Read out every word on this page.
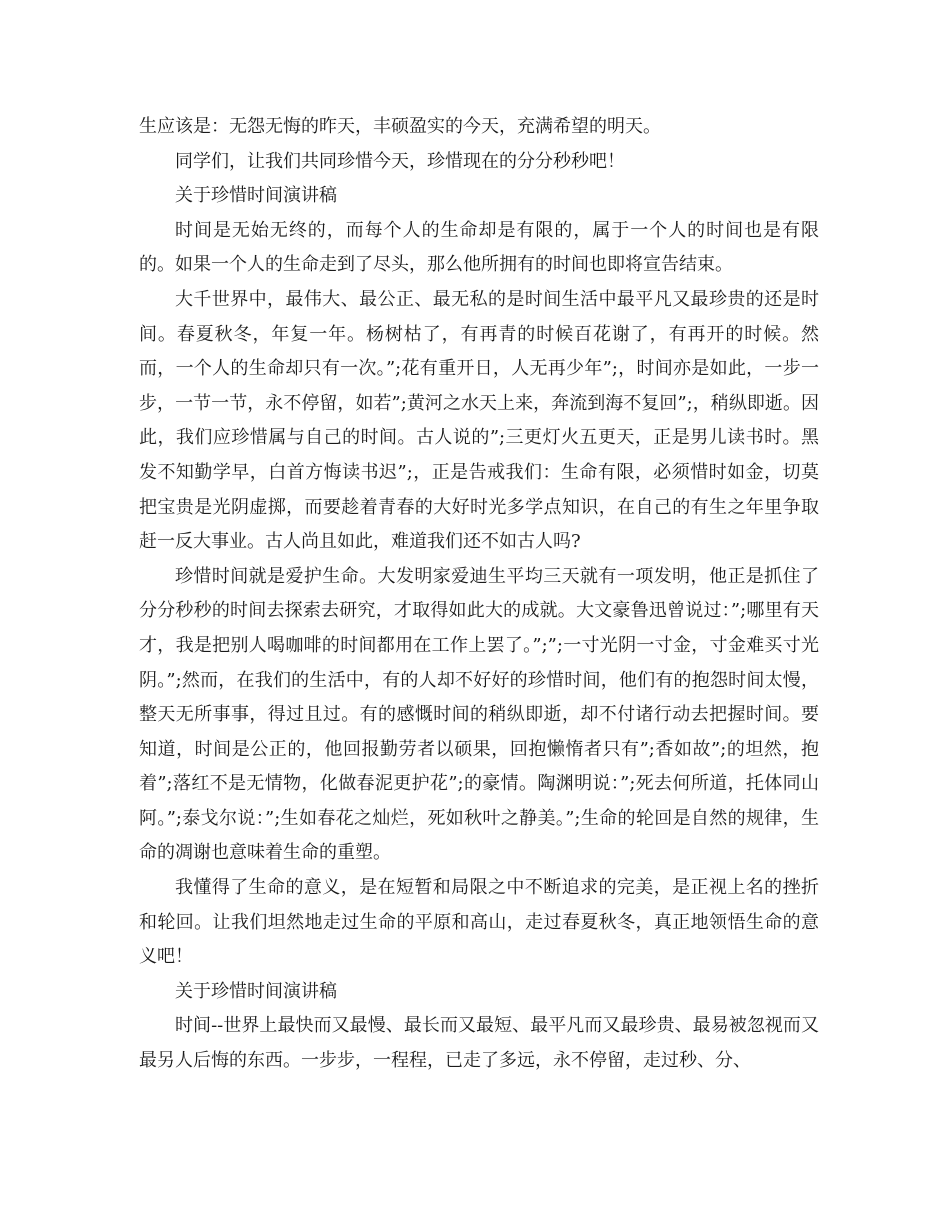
生应该是：无怨无悔的昨天，丰硕盈实的今天，充满希望的明天。

同学们，让我们共同珍惜今天，珍惜现在的分分秒秒吧！

关于珍惜时间演讲稿

时间是无始无终的，而每个人的生命却是有限的，属于一个人的时间也是有限的。如果一个人的生命走到了尽头，那么他所拥有的时间也即将宣告结束。

大千世界中，最伟大、最公正、最无私的是时间生活中最平凡又最珍贵的还是时间。春夏秋冬，年复一年。杨树枯了，有再青的时候百花谢了，有再开的时候。然而，一个人的生命却只有一次。”;花有重开日，人无再少年”;，时间亦是如此，一步一步，一节一节，永不停留，如若”;黄河之水天上来，奔流到海不复回”;，稍纵即逝。因此，我们应珍惜属与自己的时间。古人说的”;三更灯火五更天，正是男儿读书时。黑发不知勤学早，白首方悔读书迟”;，正是告戒我们：生命有限，必须惜时如金，切莫把宝贵是光阴虚掷，而要趁着青春的大好时光多学点知识，在自己的有生之年里争取赶一反大事业。古人尚且如此，难道我们还不如古人吗?

珍惜时间就是爱护生命。大发明家爱迪生平均三天就有一项发明，他正是抓住了分分秒秒的时间去探索去研究，才取得如此大的成就。大文豪鲁迅曾说过：”;哪里有天才，我是把别人喝咖啡的时间都用在工作上罢了。”;”;一寸光阴一寸金，寸金难买寸光阴。”;然而，在我们的生活中，有的人却不好好的珍惜时间，他们有的抱怨时间太慢，整天无所事事，得过且过。有的感慨时间的稍纵即逝，却不付诸行动去把握时间。要知道，时间是公正的，他回报勤劳者以硕果，回抱懒惰者只有”;香如故”;的坦然，抱着”;落红不是无情物，化做春泥更护花”;的豪情。陶渊明说：”;死去何所道，托体同山阿。”;泰戈尔说：”;生如春花之灿烂，死如秋叶之静美。”;生命的轮回是自然的规律，生命的凋谢也意味着生命的重塑。

我懂得了生命的意义，是在短暂和局限之中不断追求的完美，是正视上名的挫折和轮回。让我们坦然地走过生命的平原和高山，走过春夏秋冬，真正地领悟生命的意义吧！

关于珍惜时间演讲稿

时间--世界上最快而又最慢、最长而又最短、最平凡而又最珍贵、最易被忽视而又最另人后悔的东西。一步步，一程程，已走了多远，永不停留，走过秒、分、
